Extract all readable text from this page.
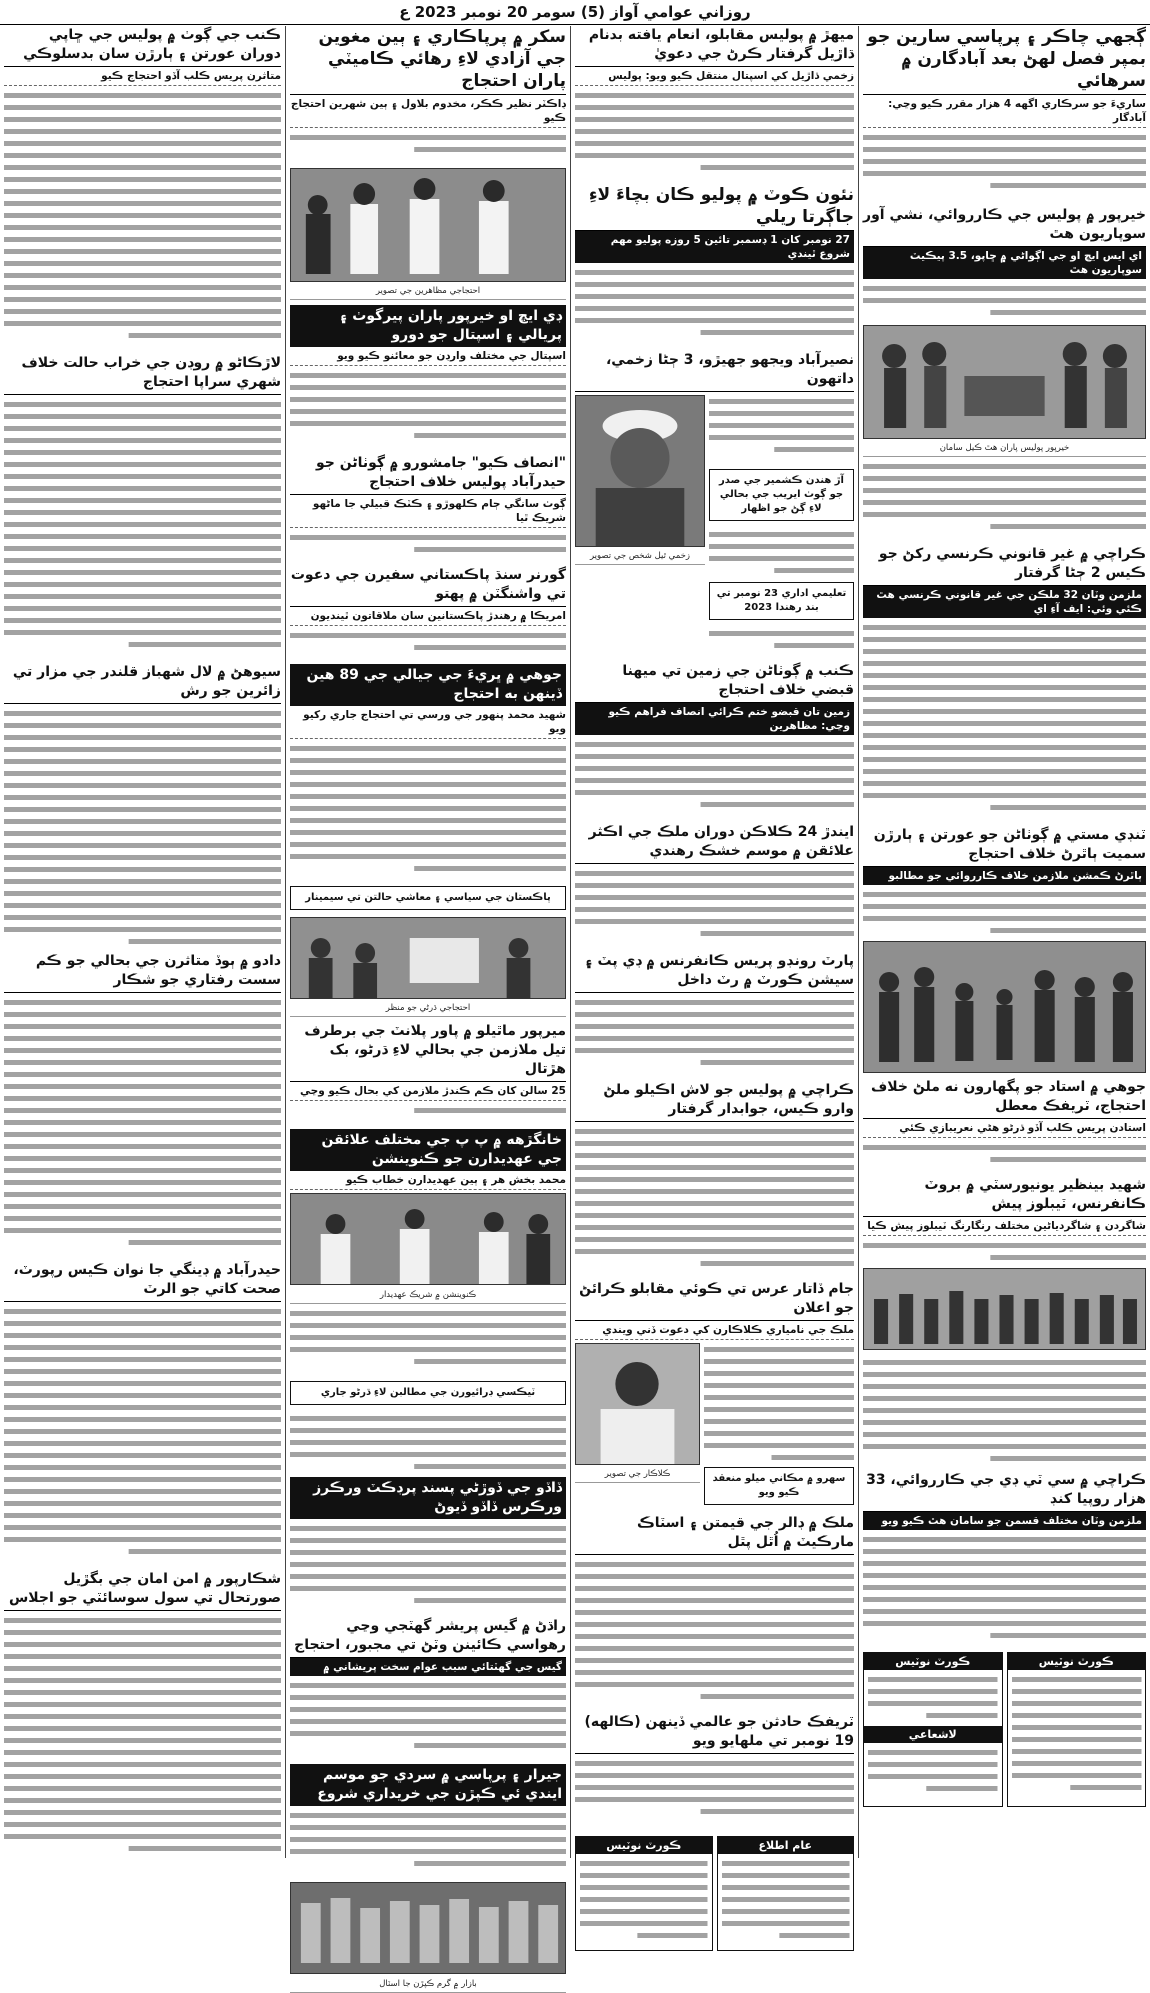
روزاني عوامي آواز (5) سومر 20 نومبر 2023 ع
ڳجهي چاڪر ۽ پرپاسي سارين جو بمپر فصل لهڻ بعد آبادگارن ۾ سرهائي
ساريءَ جو سرڪاري اگهه 4 هزار مقرر ڪيو وڃي: آبادگار
خيرپور ۾ پوليس جي ڪارروائي، نشي آور سوپاريون هٿ
اي ايس ايڇ او جي اڳواڻي ۾ ڇاپو، 3.5 پيڪيٽ سوپاريون هٿ
خيرپور پوليس پاران هٿ ڪيل سامان
ڪراچي ۾ غير قانوني ڪرنسي رکڻ جو ڪيس 2 ڄڻا گرفتار
ملزمن وٽان 32 ملڪن جي غير قانوني ڪرنسي هٿ ڪئي وئي: ايف آءِ اي
ٽنڊي مستي ۾ ڳوٺاڻن جو عورتن ۽ ٻارڙن سميت ٻاٿرڻ خلاف احتجاج
ٻاٿرڻ ڪمشن ملازمن خلاف ڪارروائي جو مطالبو
جوهي ۾ استاد جو پگهارون نه ملڻ خلاف احتجاج، ٽريفڪ معطل
استادن پريس ڪلب آڏو ڌرڻو هڻي نعريبازي ڪئي
شهيد بينظير يونيورسٽي ۾ بروٽ ڪانفرنس، ٽيبلوز پيش
شاگردن ۽ شاگردياڻين مختلف رنگارنگ ٽيبلوز پيش ڪيا
ڪراچي ۾ سي ٽي ڊي جي ڪارروائي، 33 هزار روپيا کنڊ
ملزمن وٽان مختلف قسمن جو سامان هٿ ڪيو ويو
ڪورٽ نوٽيس
ڪورٽ نوٽيس
لاشعاعي
ميهڙ ۾ پوليس مقابلو، انعام يافته بدنام ڌاڙيل گرفتار ڪرڻ جي دعويٰ
زخمي ڌاڙيل کي اسپتال منتقل ڪيو ويو: پوليس
نئون ڪوٽ ۾ پوليو ڪان بچاءَ لاءِ جاڳرتا ريلي
27 نومبر کان 1 ڊسمبر تائين 5 روزه پوليو مهم شروع ٿيندي
نصيرآباد ويجهو جهيڙو، 3 ڄڻا زخمي، داتهون
آڙ هندن ڪشمير جي صدر جو ڳوٺ ايريب جي بحالي لاءِ ڳڻ جو اظهار
تعليمي اداري 23 نومبر تي بند رهندا 2023
زخمي ٿيل شخص جي تصوير
ڪنب ۾ ڳوٺاڻن جي زمين تي ميهنا قبضي خلاف احتجاج
زمين تان قبضو ختم ڪرائي انصاف فراهم ڪيو وڃي: مظاهرين
ايندڙ 24 ڪلاڪن دوران ملڪ جي اڪثر علائقن ۾ موسم خشڪ رهندي
پارٽ رونڊو پريس ڪانفرنس ۾ ڊي پٽ ۽ سيشن ڪورٽ ۾ رٽ داخل
ڪراچي ۾ پوليس جو لاش اڪيلو ملڻ وارو ڪيس، جوابدار گرفتار
جام ڏاتار عرس تي ڪوئي مقابلو ڪرائڻ جو اعلان
ملڪ جي نامياري ڪلاڪارن کي دعوت ڏني ويندي
سهرو ۾ مڪاني ميلو منعقد ڪيو ويو
ڪلاڪار جي تصوير
ملڪ ۾ ڊالر جي قيمتن ۽ اسٽاڪ مارڪيٽ ۾ اُٿل پٿل
ٽريفڪ حادثن جو عالمي ڏينهن (ڪالهه) 19 نومبر تي ملهايو ويو
عام اطلاع
ڪورٽ نوٽيس
سکر ۾ پرپاڪاري ۽ ٻين مغوين جي آزادي لاءِ رهائي ڪاميٽي پاران احتجاج
ڊاڪٽر نظير ڪڪر، مخدوم بلاول ۽ ٻين شهرين احتجاج ڪيو
احتجاجي مظاهرين جي تصوير
ڊي ايڇ او خيرپور پاران پيرگوٺ ۽ پريالي ۽ اسپتال جو دورو
اسپتال جي مختلف وارڊن جو معائنو ڪيو ويو
"انصاف ڪيو" جامشورو ۾ ڳوٺاڻن جو حيدرآباد پوليس خلاف احتجاج
ڳوٺ سانگي ڄام ڪلهوڙو ۽ ڪٽڪ قبيلي جا ماڻهو شريڪ ٿيا
گورنر سنڌ پاڪستاني سفيرن جي دعوت تي واشنگٽن ۾ پهتو
امريڪا ۾ رهندڙ پاڪستانين سان ملاقاتون ٿينديون
جوهي ۾ ڀريءَ جي جيالي جي 89 هين ڏينهن به احتجاج
شهيد محمد پنهور جي ورسي تي احتجاج جاري رکيو ويو
پاڪستان جي سياسي ۽ معاشي حالتن تي سيمينار
احتجاجي ڌرڻي جو منظر
ميرپور ماٿيلو ۾ پاور پلانٽ جي برطرف تيل ملازمن جي بحالي لاءِ ڌرڻو، بک هڙتال
25 سالن کان ڪم ڪندڙ ملازمن کي بحال ڪيو وڃي
خانگڙهه ۾ پ پ جي مختلف علائقن جي عهديدارن جو ڪنوينشن
محمد بخش هر ۽ ٻين عهديدارن خطاب ڪيو
ڪنوينشن ۾ شريڪ عهديدار
ٽيڪسي ڊرائيورن جي مطالبن لاءِ ڌرڻو جاري
ڏاڏو جي ڏوڙڻي پسند پرڊڪٽ ورڪرز ورڪرس ڏاڏو ڏيوڻ
راڌڻ ۾ گيس پريشر گهٽجي وڃي رهواسي ڪائينن وٽڻ تي مجبور، احتجاج
گيس جي گهٽتائي سبب عوام سخت پريشاني ۾
جيرار ۽ پرپاسي ۾ سردي جو موسم ايندي ئي ڪپڙن جي خريداري شروع
بازار ۾ گرم ڪپڙن جا اسٽال
ڪنب جي ڳوٺ ۾ پوليس جي ڇاپي دوران عورتن ۽ ٻارڙن سان بدسلوڪي
متاثرن پريس ڪلب آڏو احتجاج ڪيو
لاڙڪاڻو ۾ روڊن جي خراب حالت خلاف شهري سراپا احتجاج
سيوهڻ ۾ لال شهباز قلندر جي مزار تي زائرين جو رش
دادو ۾ ٻوڏ متاثرن جي بحالي جو ڪم سست رفتاري جو شڪار
حيدرآباد ۾ ڊينگي جا نوان ڪيس رپورٽ، صحت کاتي جو الرٽ
شڪارپور ۾ امن امان جي بگڙيل صورتحال تي سول سوسائٽي جو اجلاس
